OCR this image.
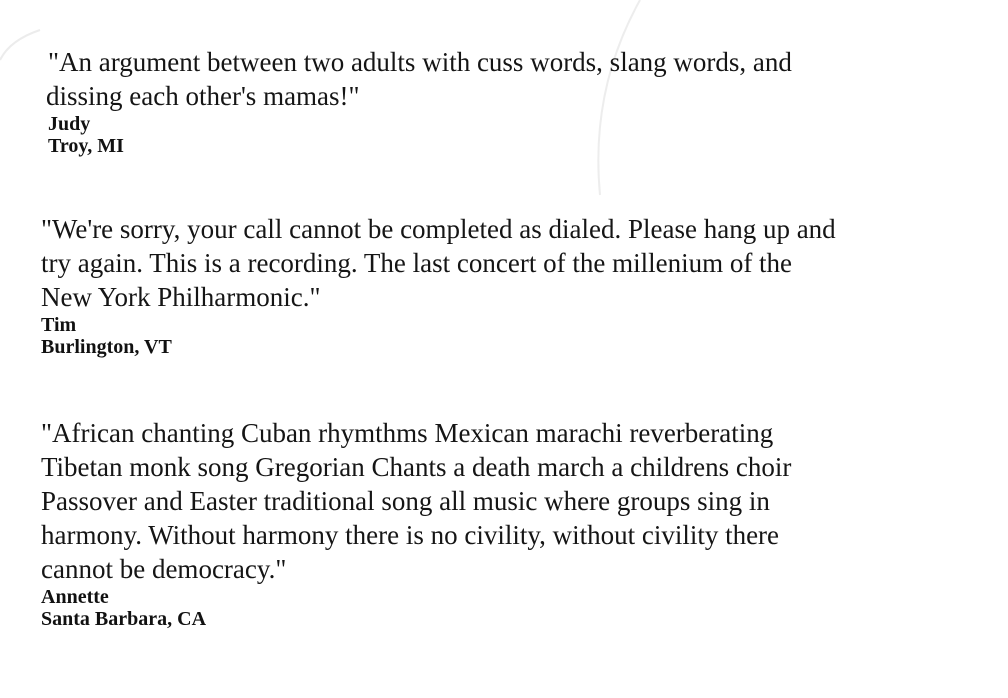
"An argument between two adults with cuss words, slang words, and
dissing each other's mamas!"

Judy

Troy, MI

"We're sorry, your call cannot be completed as dialed. Please hang up and
try again. This is a recording. The last concert of the millenium of the
New York Philharmonic."

Tim

Burlington, VT

"African chanting Cuban rhymthms Mexican marachi reverberating
Tibetan monk song Gregorian Chants a death march a childrens choir
Passover and Easter traditional song all music where groups sing in
harmony. Without harmony there is no civility, without civility there
cannot be democracy."

Annette

Santa Barbara, CA
